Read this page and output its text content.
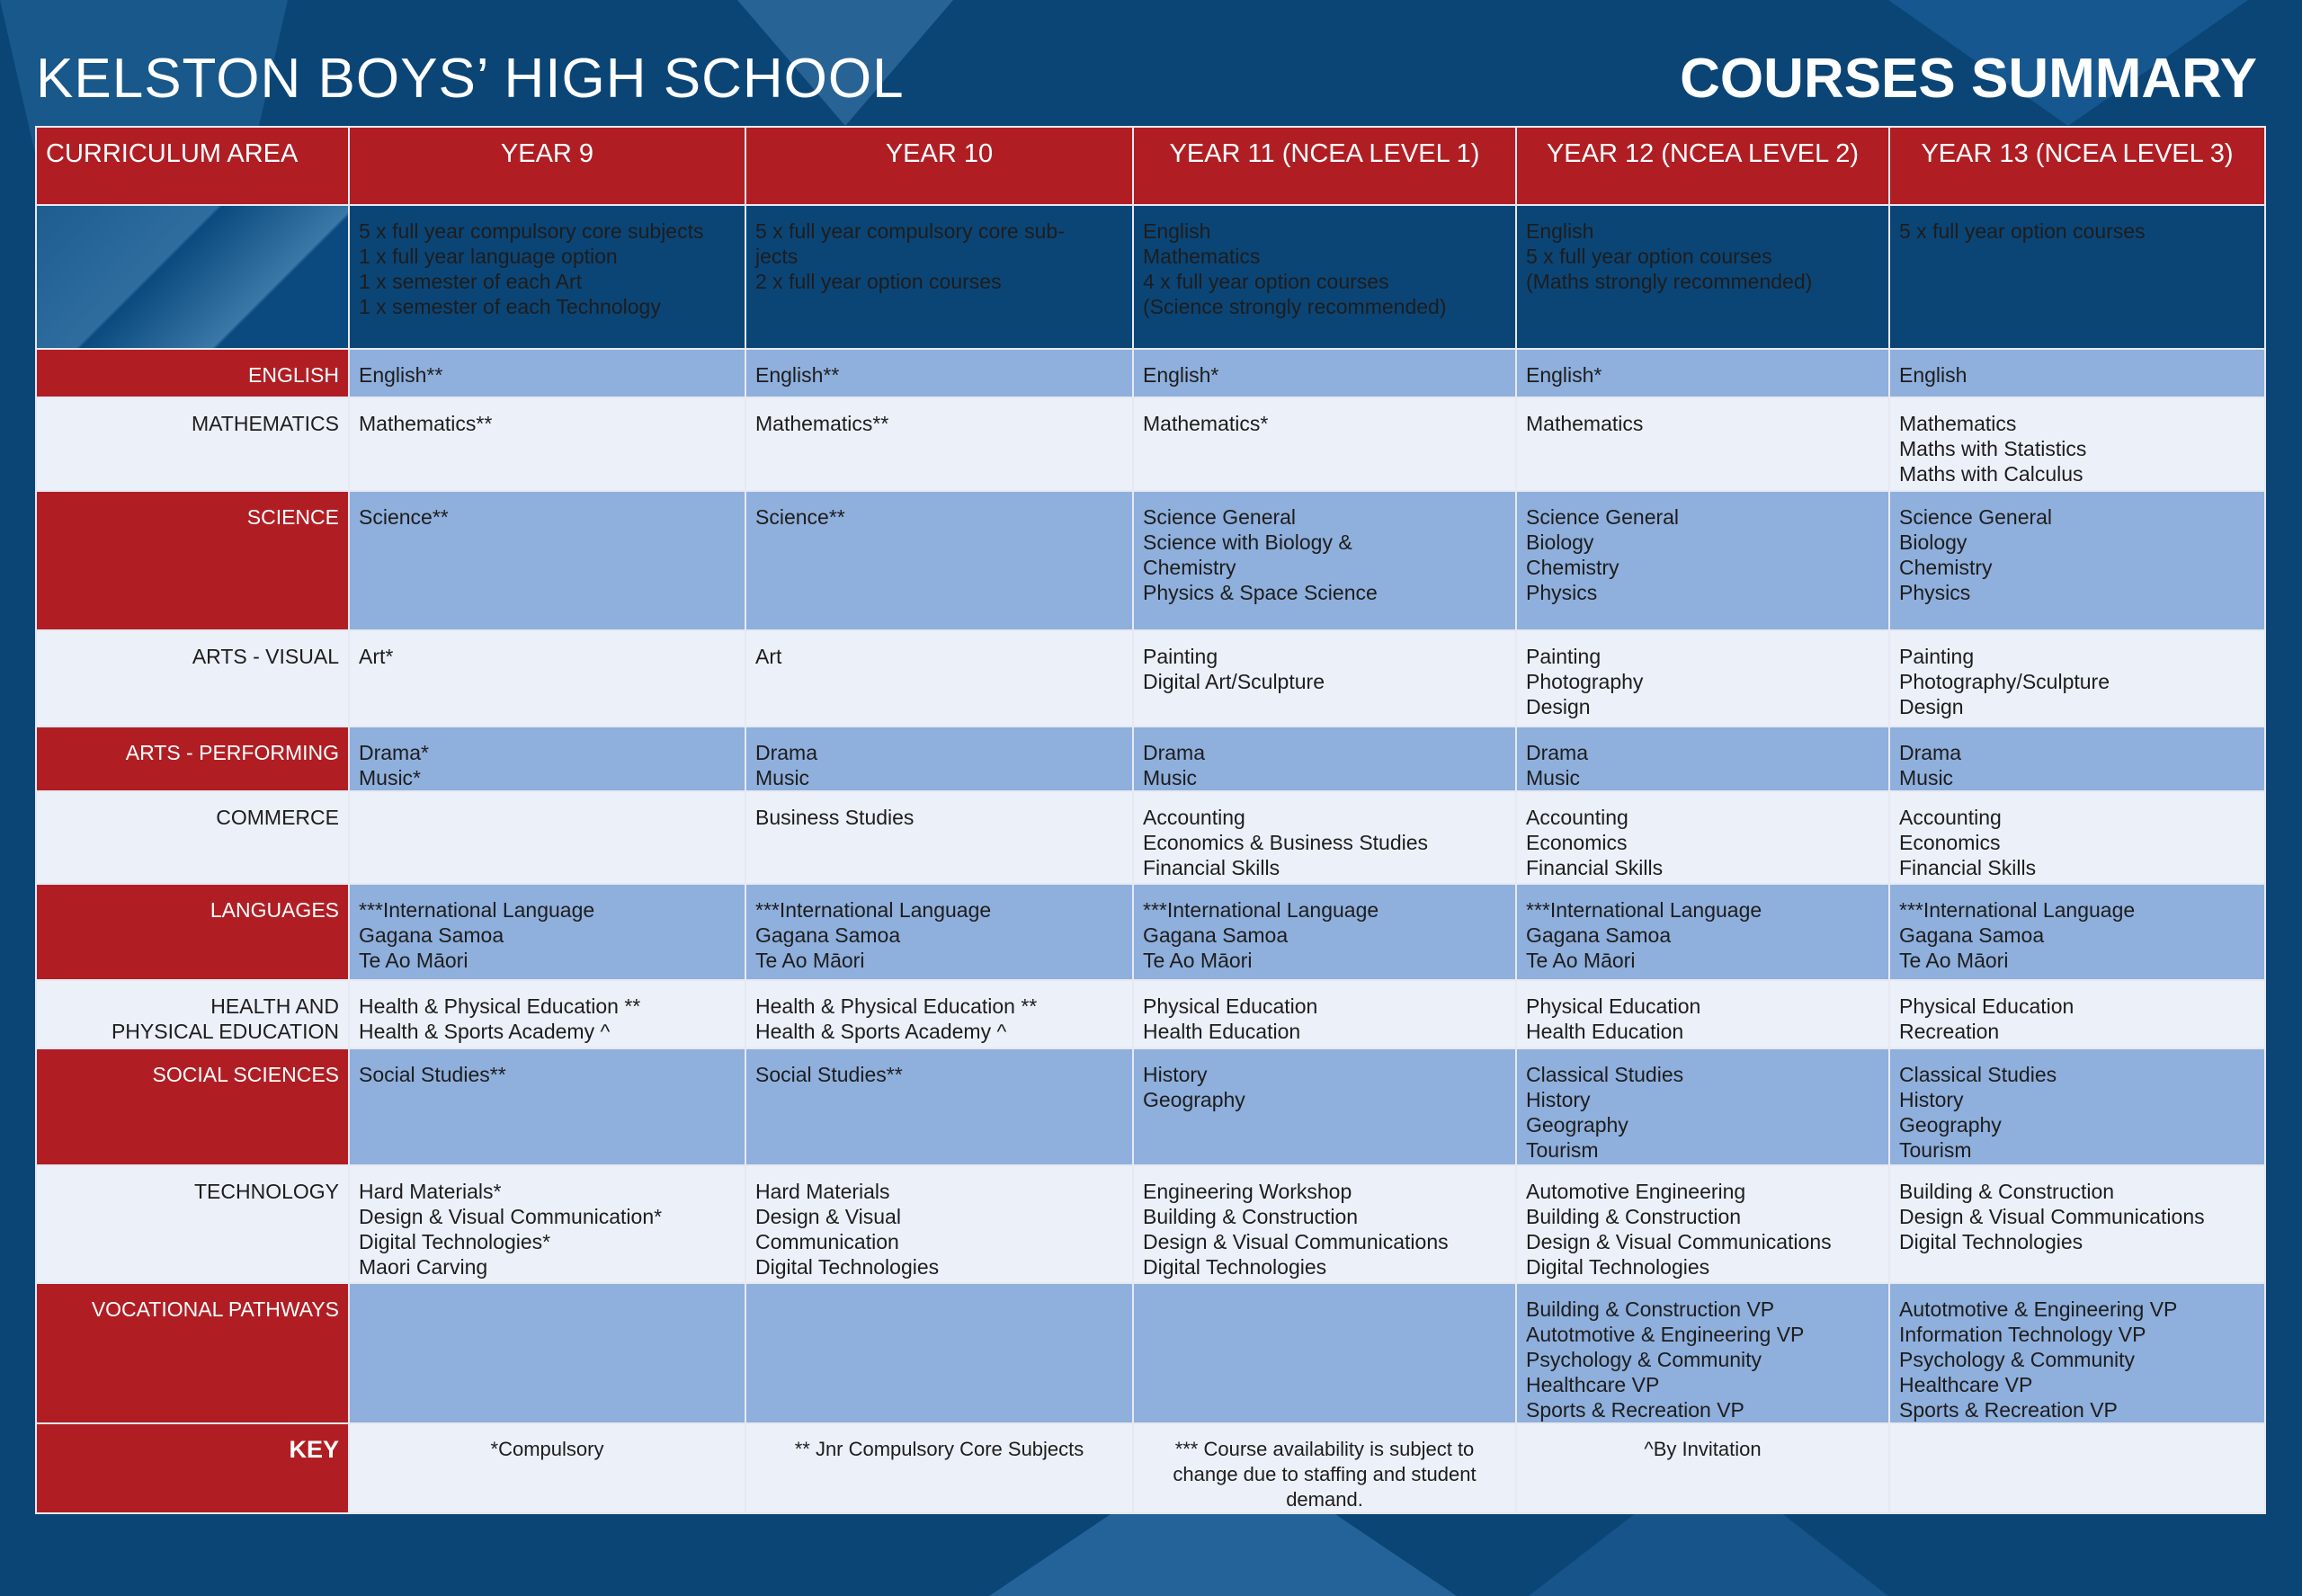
KELSTON BOYS’ HIGH SCHOOL	COURSES SUMMARY
CURRICULUM AREA	YEAR 9	YEAR 10	YEAR 11 (NCEA LEVEL 1)	YEAR 12 (NCEA LEVEL 2)	YEAR 13 (NCEA LEVEL 3)

	5 x full year compulsory core subjects
1 x full year language option
1 x semester of each Art
1 x semester of each Technology	5 x full year compulsory core sub-
jects
2 x full year option courses	English
Mathematics
4 x full year option courses
(Science strongly recommended)	English
5 x full year option courses
(Maths strongly recommended)	5 x full year option courses

ENGLISH	English**	English**	English*	English*	English

MATHEMATICS	Mathematics**	Mathematics**	Mathematics*	Mathematics	Mathematics
Maths with Statistics
Maths with Calculus

SCIENCE	Science**	Science**	Science General
Science with Biology &
Chemistry
Physics & Space Science	Science General
Biology
Chemistry
Physics	Science General
Biology
Chemistry
Physics

ARTS - VISUAL	Art*	Art	Painting
Digital Art/Sculpture	Painting
Photography
Design	Painting
Photography/Sculpture
Design

ARTS - PERFORMING	Drama*
Music*	Drama
Music	Drama
Music	Drama
Music	Drama
Music

COMMERCE		Business Studies	Accounting
Economics & Business Studies
Financial Skills	Accounting
Economics
Financial Skills	Accounting
Economics
Financial Skills

LANGUAGES	***International Language
Gagana Samoa
Te Ao Māori	***International Language
Gagana Samoa
Te Ao Māori	***International Language
Gagana Samoa
Te Ao Māori	***International Language
Gagana Samoa
Te Ao Māori	***International Language
Gagana Samoa
Te Ao Māori

HEALTH AND
PHYSICAL EDUCATION	Health & Physical Education **
Health & Sports Academy ^	Health & Physical Education **
Health & Sports Academy ^	Physical Education
Health Education	Physical Education
Health Education	Physical Education
Recreation

SOCIAL SCIENCES	Social Studies**	Social Studies**	History
Geography	Classical Studies
History
Geography
Tourism	Classical Studies
History
Geography
Tourism

TECHNOLOGY	Hard Materials*
Design & Visual Communication*
Digital Technologies*
Maori Carving	Hard Materials
Design & Visual
Communication
Digital Technologies	Engineering Workshop
Building & Construction
Design & Visual Communications
Digital Technologies	Automotive Engineering
Building & Construction
Design & Visual Communications
Digital Technologies	Building & Construction
Design & Visual Communications
Digital Technologies

VOCATIONAL PATHWAYS				Building & Construction VP
Autotmotive & Engineering VP
Psychology & Community
Healthcare VP
Sports & Recreation VP	Autotmotive & Engineering VP
Information Technology VP
Psychology & Community
Healthcare VP
Sports & Recreation VP

KEY	*Compulsory	** Jnr Compulsory Core Subjects	*** Course availability is subject to
change due to staffing and student
demand.	^By Invitation	
